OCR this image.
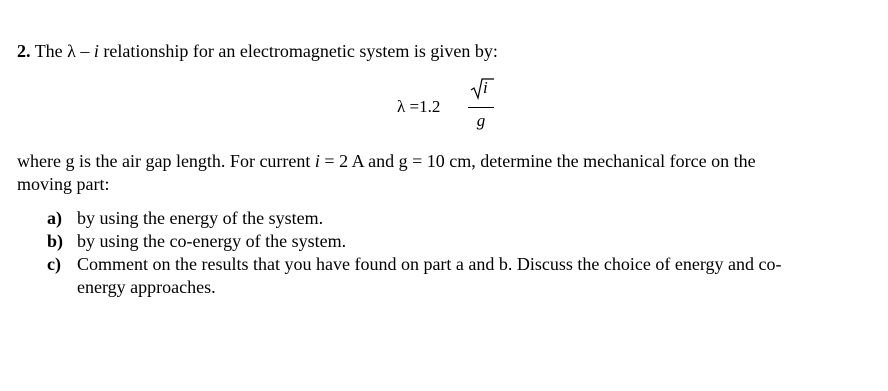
2. The λ – i relationship for an electromagnetic system is given by:
λ =1.2
i
g
where g is the air gap length. For current i = 2 A and g = 10 cm, determine the mechanical force on the
moving part:
a) by using the energy of the system.
b) by using the co-energy of the system.
c) Comment on the results that you have found on part a and b. Discuss the choice of energy and co-
energy approaches.
